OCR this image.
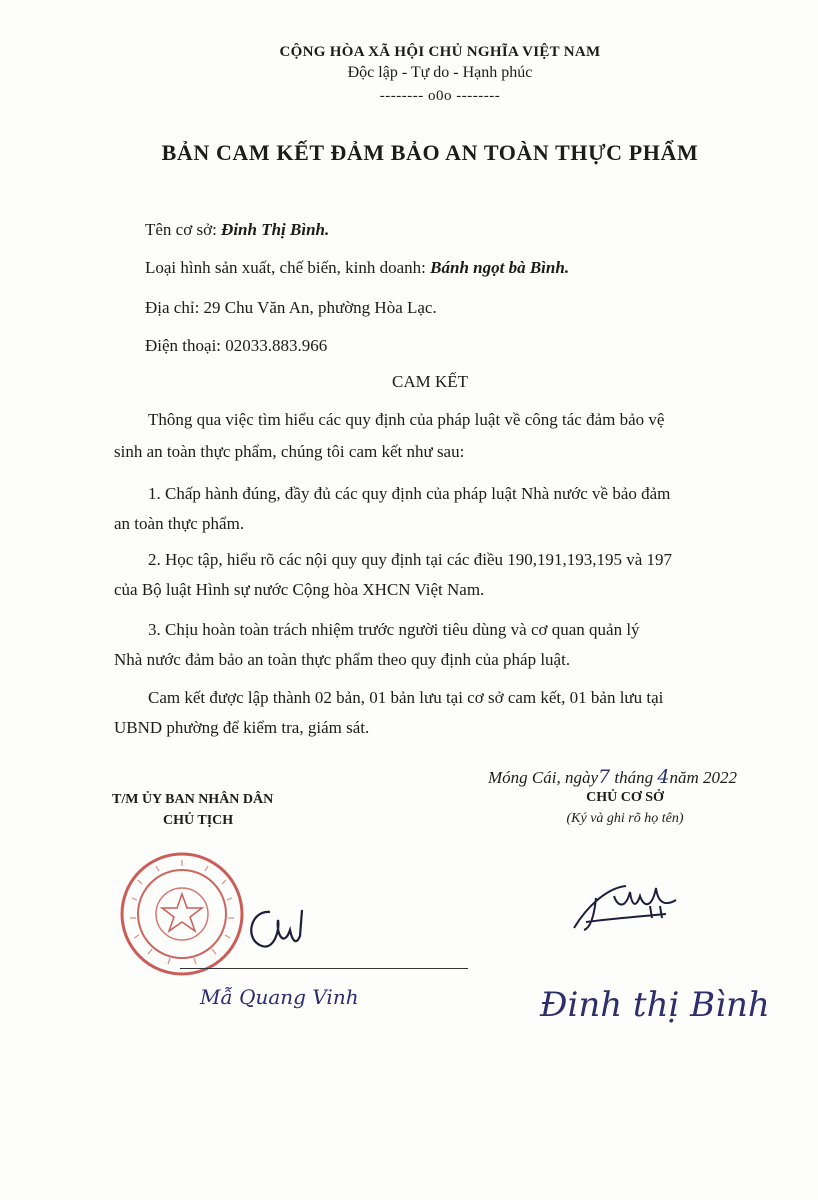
CỘNG HÒA XÃ HỘI CHỦ NGHĨA VIỆT NAM
Độc lập - Tự do - Hạnh phúc
-------- o0o --------
BẢN CAM KẾT ĐẢM BẢO AN TOÀN THỰC PHẨM
Tên cơ sở: Đinh Thị Bình.
Loại hình sản xuất, chế biến, kinh doanh: Bánh ngọt bà Bình.
Địa chỉ: 29 Chu Văn An, phường Hòa Lạc.
Điện thoại: 02033.883.966
CAM KẾT
Thông qua việc tìm hiểu các quy định của pháp luật về công tác đảm bảo vệ
sinh an toàn thực phẩm, chúng tôi cam kết như sau:
1. Chấp hành đúng, đầy đủ các quy định của pháp luật Nhà nước về bảo đảm
an toàn thực phẩm.
2. Học tập, hiểu rõ các nội quy quy định tại các điều 190,191,193,195 và 197
của Bộ luật Hình sự nước Cộng hòa XHCN Việt Nam.
3. Chịu hoàn toàn trách nhiệm trước người tiêu dùng và cơ quan quản lý
Nhà nước đảm bảo an toàn thực phẩm theo quy định của pháp luật.
Cam kết được lập thành 02 bản, 01 bản lưu tại cơ sở cam kết, 01 bản lưu tại
UBND phường để kiểm tra, giám sát.
Móng Cái, ngày7 tháng 4năm 2022
T/M ỦY BAN NHÂN DÂN
CHỦ TỊCH
CHỦ CƠ SỞ
(Ký và ghi rõ họ tên)
Mẫ Quang Vinh	Đinh thị Bình
